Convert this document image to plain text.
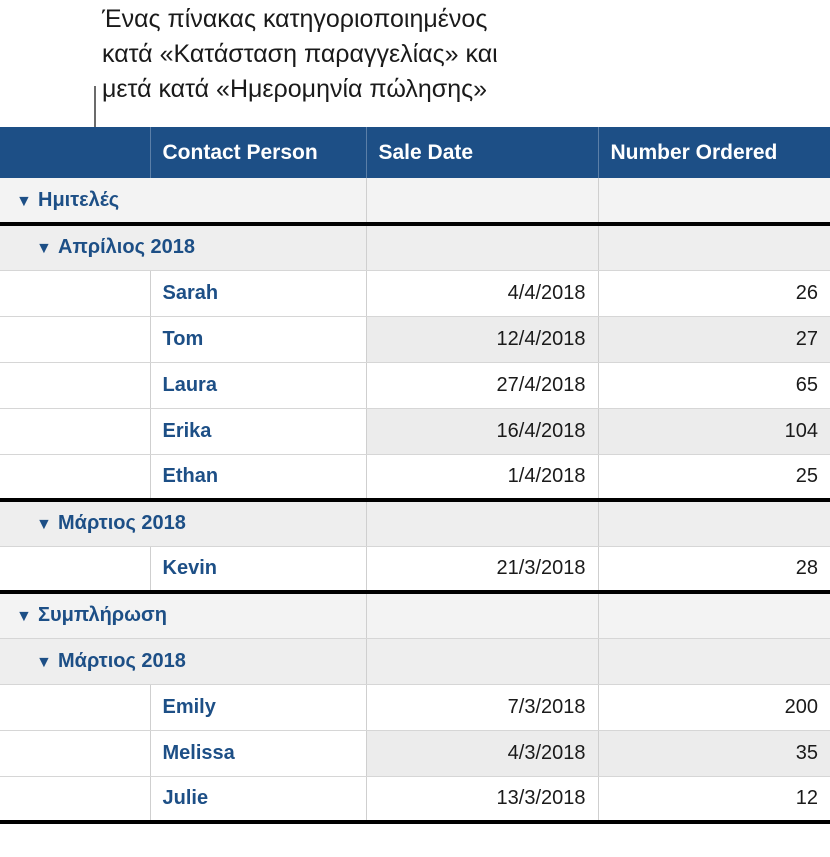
Ένας πίνακας κατηγοριοποιημένος
κατά «Κατάσταση παραγγελίας» και
μετά κατά «Ημερομηνία πώλησης»
	Contact Person	Sale Date	Number Ordered
▼ Ημιτελές			
▼ Απρίλιος 2018			
	Sarah	4/4/2018	26
	Tom	12/4/2018	27
	Laura	27/4/2018	65
	Erika	16/4/2018	104
	Ethan	1/4/2018	25
▼ Μάρτιος 2018			
	Kevin	21/3/2018	28
▼ Συμπλήρωση			
▼ Μάρτιος 2018			
	Emily	7/3/2018	200
	Melissa	4/3/2018	35
	Julie	13/3/2018	12
